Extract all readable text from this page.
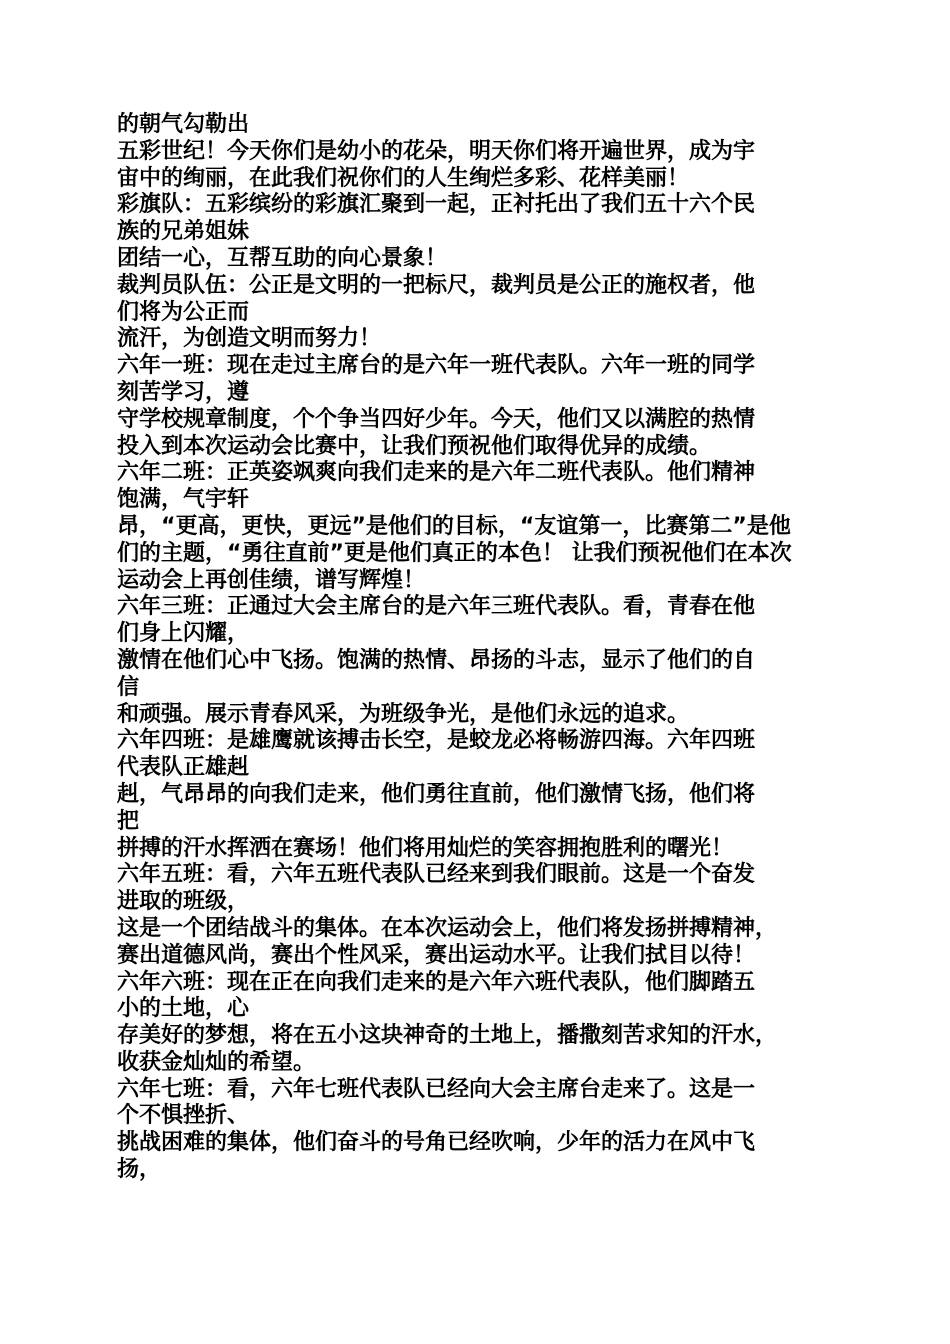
的朝气勾勒出
五彩世纪！今天你们是幼小的花朵，明天你们将开遍世界，成为宇
宙中的绚丽，在此我们祝你们的人生绚烂多彩、花样美丽！
彩旗队：五彩缤纷的彩旗汇聚到一起，正衬托出了我们五十六个民
族的兄弟姐妹
团结一心，互帮互助的向心景象！
裁判员队伍：公正是文明的一把标尺，裁判员是公正的施权者，他
们将为公正而
流汗，为创造文明而努力！
六年一班：现在走过主席台的是六年一班代表队。六年一班的同学
刻苦学习，遵
守学校规章制度，个个争当四好少年。今天，他们又以满腔的热情
投入到本次运动会比赛中，让我们预祝他们取得优异的成绩。
六年二班：正英姿飒爽向我们走来的是六年二班代表队。他们精神
饱满，气宇轩
昂，“更高，更快，更远”是他们的目标，“友谊第一，比赛第二”是他
们的主题，“勇往直前”更是他们真正的本色！ 让我们预祝他们在本次
运动会上再创佳绩，谱写辉煌！
六年三班：正通过大会主席台的是六年三班代表队。看，青春在他
们身上闪耀，
激情在他们心中飞扬。饱满的热情、昂扬的斗志，显示了他们的自
信
和顽强。展示青春风采，为班级争光，是他们永远的追求。
六年四班：是雄鹰就该搏击长空，是蛟龙必将畅游四海。六年四班
代表队正雄赳
赳，气昂昂的向我们走来，他们勇往直前，他们激情飞扬，他们将
把
拼搏的汗水挥洒在赛场！他们将用灿烂的笑容拥抱胜利的曙光！
六年五班：看，六年五班代表队已经来到我们眼前。这是一个奋发
进取的班级，
这是一个团结战斗的集体。在本次运动会上，他们将发扬拼搏精神，
赛出道德风尚，赛出个性风采，赛出运动水平。让我们拭目以待！
六年六班：现在正在向我们走来的是六年六班代表队，他们脚踏五
小的土地，心
存美好的梦想，将在五小这块神奇的土地上，播撒刻苦求知的汗水，
收获金灿灿的希望。
六年七班：看，六年七班代表队已经向大会主席台走来了。这是一
个不惧挫折、
挑战困难的集体，他们奋斗的号角已经吹响，少年的活力在风中飞
扬，
